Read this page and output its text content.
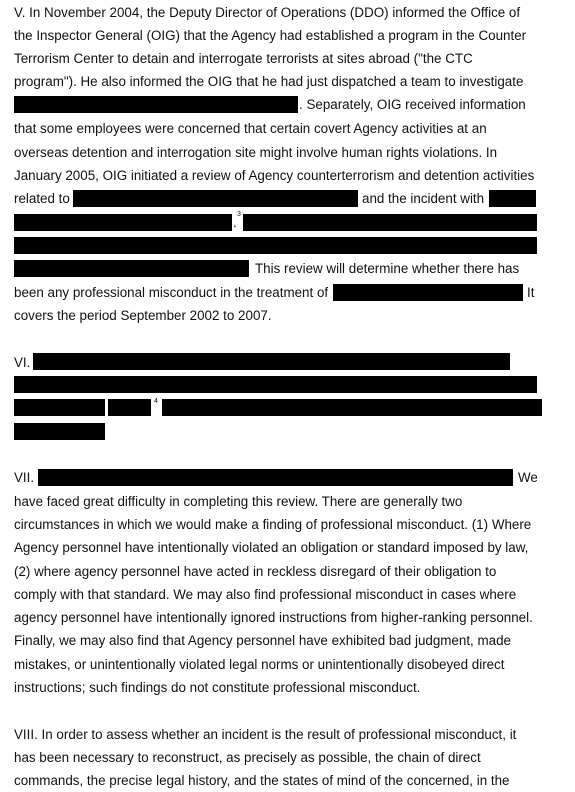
V. In November 2004, the Deputy Director of Operations (DDO) informed the Office of
the Inspector General (OIG) that the Agency had established a program in the Counter
Terrorism Center to detain and interrogate terrorists at sites abroad ("the CTC
program"). He also informed the OIG that he had just dispatched a team to investigate
. Separately, OIG received information
that some employees were concerned that certain covert Agency activities at an
overseas detention and interrogation site might involve human rights violations. In
January 2005, OIG initiated a review of Agency counterterrorism and detention activities
related to	and the incident with
.
3
This review will determine whether there has
been any professional misconduct in the treatment of	It
covers the period September 2002 to 2007.
VI.
4
VII.	We
have faced great difficulty in completing this review. There are generally two
circumstances in which we would make a finding of professional misconduct. (1) Where
Agency personnel have intentionally violated an obligation or standard imposed by law,
(2) where agency personnel have acted in reckless disregard of their obligation to
comply with that standard. We may also find professional misconduct in cases where
agency personnel have intentionally ignored instructions from higher-ranking personnel.
Finally, we may also find that Agency personnel have exhibited bad judgment, made
mistakes, or unintentionally violated legal norms or unintentionally disobeyed direct
instructions; such findings do not constitute professional misconduct.
VIII. In order to assess whether an incident is the result of professional misconduct, it
has been necessary to reconstruct, as precisely as possible, the chain of direct
commands, the precise legal history, and the states of mind of the concerned, in the
